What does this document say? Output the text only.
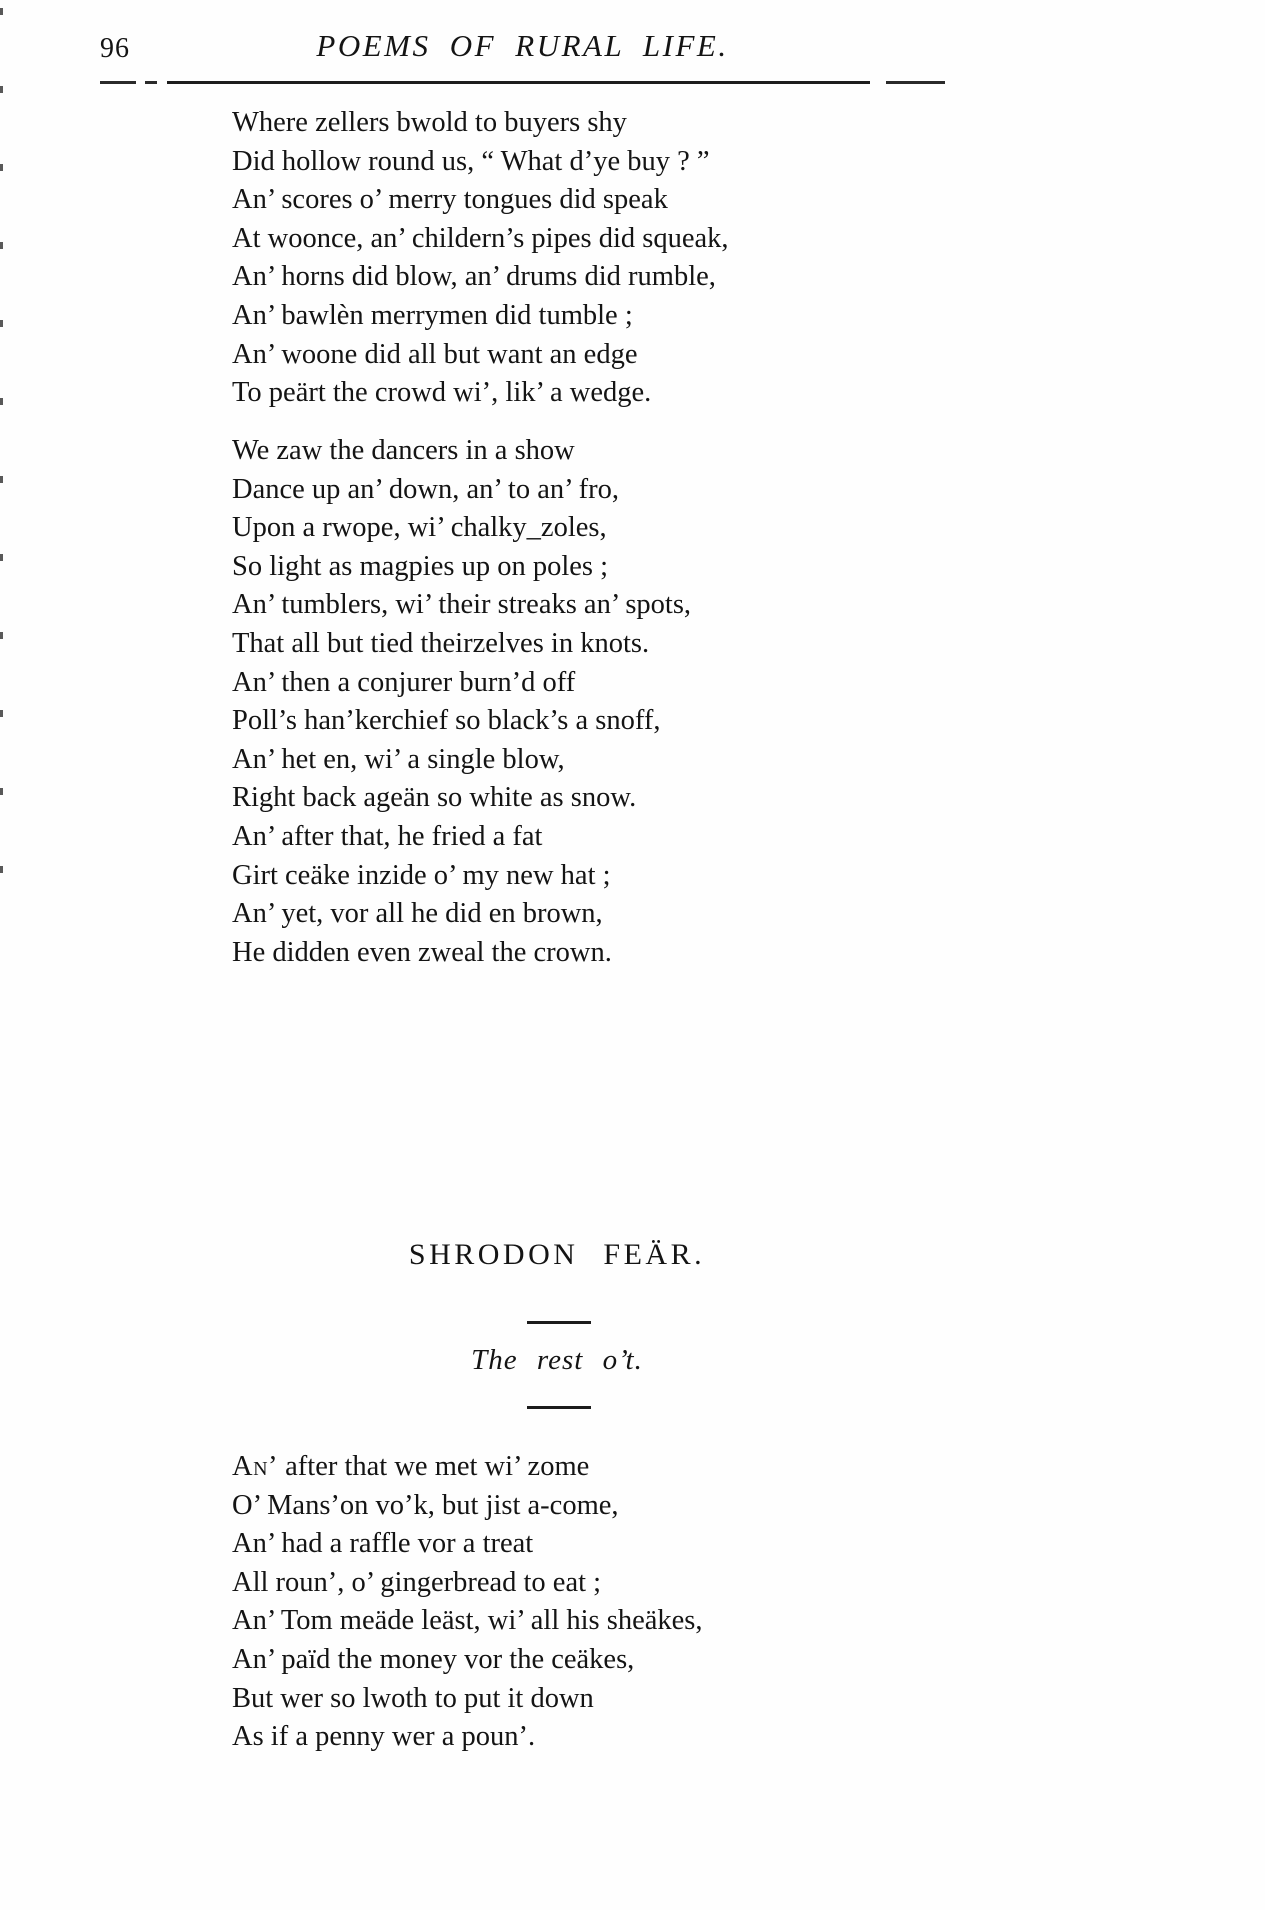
96	POEMS OF RURAL LIFE.
Where zellers bwold to buyers shy
Did hollow round us, “ What d’ye buy ? ”
An’ scores o’ merry tongues did speak
At woonce, an’ childern’s pipes did squeak,
An’ horns did blow, an’ drums did rumble,
An’ bawlèn merrymen did tumble ;
An’ woone did all but want an edge
To peärt the crowd wi’, lik’ a wedge.
We zaw the dancers in a show
Dance up an’ down, an’ to an’ fro,
Upon a rwope, wi’ chalky_zoles,
So light as magpies up on poles ;
An’ tumblers, wi’ their streaks an’ spots,
That all but tied theirzelves in knots.
An’ then a conjurer burn’d off
Poll’s han’kerchief so black’s a snoff,
An’ het en, wi’ a single blow,
Right back ageän so white as snow.
An’ after that, he fried a fat
Girt ceäke inzide o’ my new hat ;
An’ yet, vor all he did en brown,
He didden even zweal the crown.
SHRODON FEÄR.
The rest o’t.
An’ after that we met wi’ zome
O’ Mans’on vo’k, but jist a-come,
An’ had a raffle vor a treat
All roun’, o’ gingerbread to eat ;
An’ Tom meäde leäst, wi’ all his sheäkes,
An’ païd the money vor the ceäkes,
But wer so lwoth to put it down
As if a penny wer a poun’.
